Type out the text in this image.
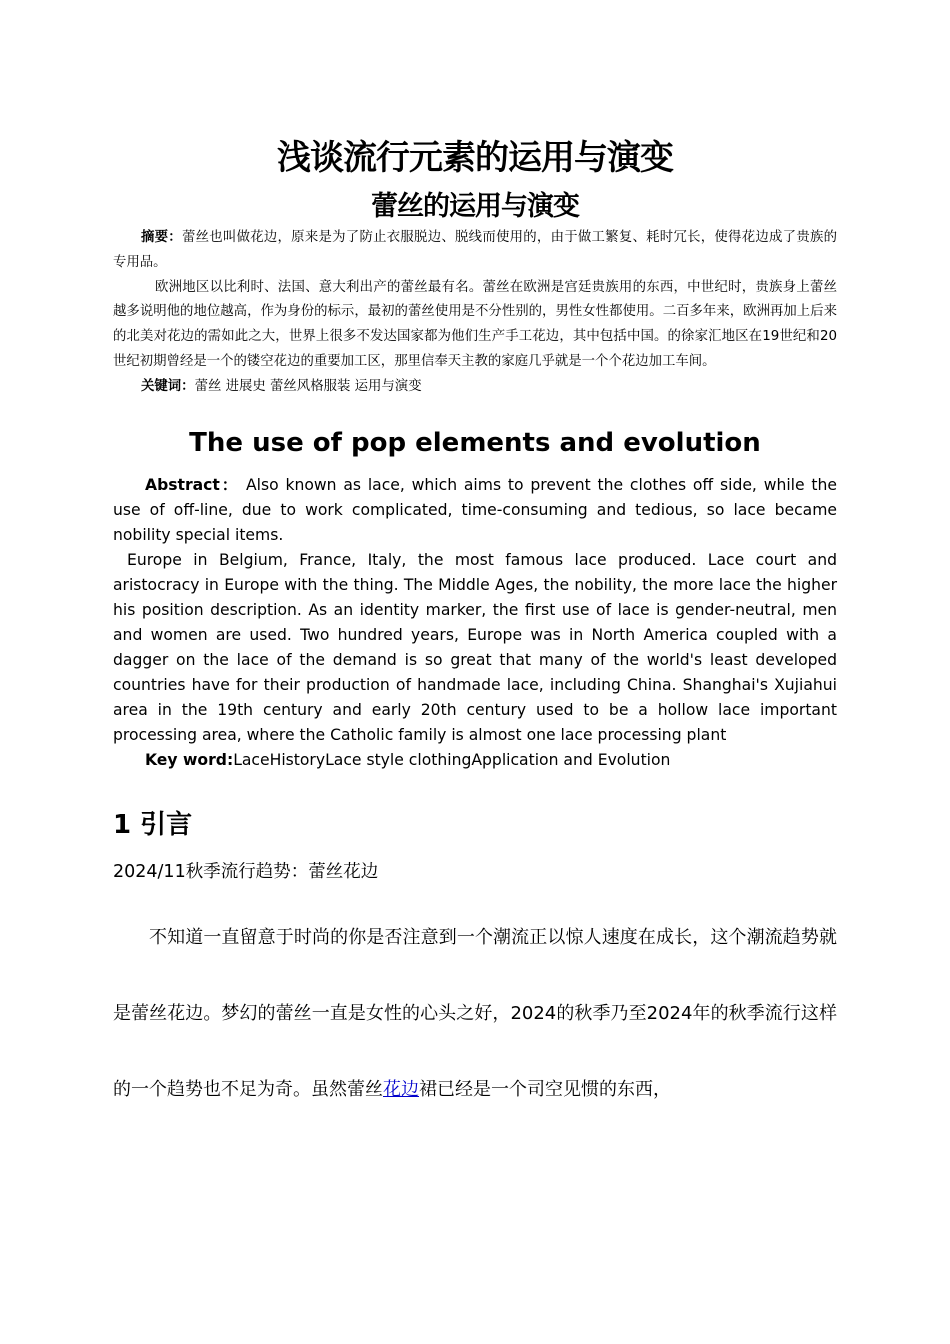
浅谈流行元素的运用与演变
蕾丝的运用与演变

摘要：蕾丝也叫做花边，原来是为了防止衣服脱边、脱线而使用的，由于做工繁复、耗时冗长，使得花边成了贵族的专用品。

欧洲地区以比利时、法国、意大利出产的蕾丝最有名。蕾丝在欧洲是宫廷贵族用的东西，中世纪时，贵族身上蕾丝越多说明他的地位越高，作为身份的标示，最初的蕾丝使用是不分性别的，男性女性都使用。二百多年来，欧洲再加上后来的北美对花边的需如此之大，世界上很多不发达国家都为他们生产手工花边，其中包括中国。的徐家汇地区在19世纪和20世纪初期曾经是一个的镂空花边的重要加工区，那里信奉天主教的家庭几乎就是一个个花边加工车间。

关键词：蕾丝 进展史 蕾丝风格服装 运用与演变

The use of pop elements and evolution

Abstract： Also known as lace, which aims to prevent the clothes off side, while the use of off-line, due to work complicated, time-consuming and tedious, so lace became nobility special items.

Europe in Belgium, France, Italy, the most famous lace produced. Lace court and aristocracy in Europe with the thing. The Middle Ages, the nobility, the more lace the higher his position description. As an identity marker, the first use of lace is gender-neutral, men and women are used. Two hundred years, Europe was in North America coupled with a dagger on the lace of the demand is so great that many of the world's least developed countries have for their production of handmade lace, including China. Shanghai's Xujiahui area in the 19th century and early 20th century used to be a hollow lace important processing area, where the Catholic family is almost one lace processing plant

Key word:LaceHistoryLace style clothingApplication and Evolution

1 引言
2024/11秋季流行趋势：蕾丝花边

不知道一直留意于时尚的你是否注意到一个潮流正以惊人速度在成长，这个潮流趋势就是蕾丝花边。梦幻的蕾丝一直是女性的心头之好，2024的秋季乃至2024年的秋季流行这样的一个趋势也不足为奇。虽然蕾丝花边裙已经是一个司空见惯的东西，
